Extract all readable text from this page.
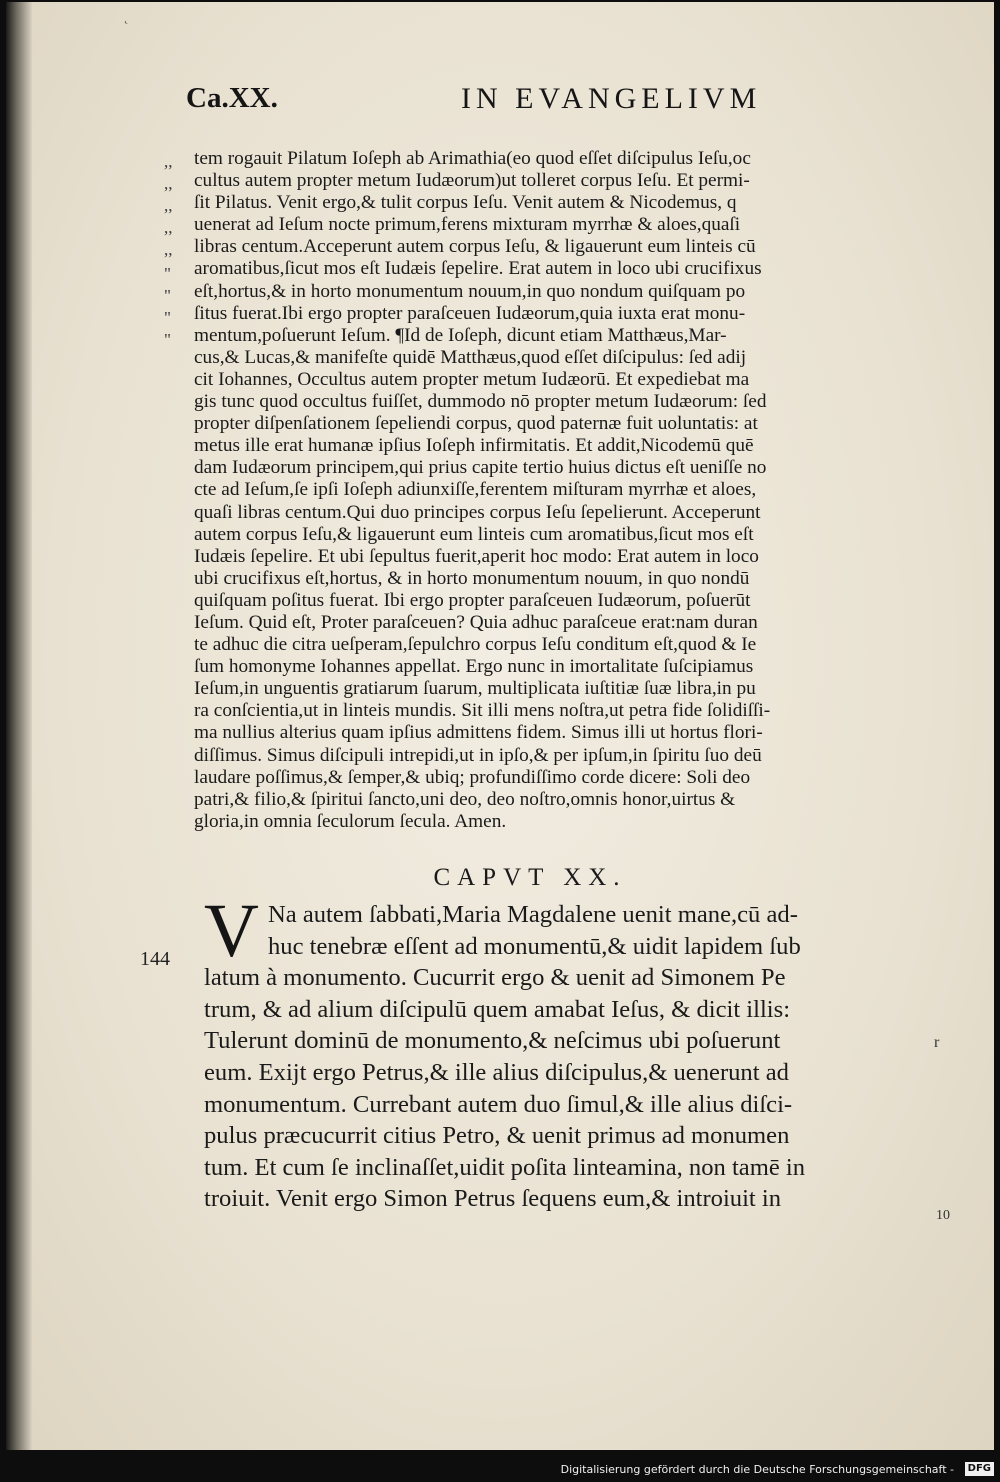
˛
Ca.XX.	IN EVANGELIVM
,,
,,
,,
,,
,,
"
"
"
"
tem rogauit Pilatum Ioſeph ab Arimathia(eo quod eſſet diſcipulus Ieſu,oc
cultus autem propter metum Iudæorum)ut tolleret corpus Ieſu. Et permi-
ſit Pilatus. Venit ergo,& tulit corpus Ieſu. Venit autem & Nicodemus, q
uenerat ad Ieſum nocte primum,ferens mixturam myrrhæ & aloes,quaſi
libras centum.Acceperunt autem corpus Ieſu, & ligauerunt eum linteis cū
aromatibus,ſicut mos eſt Iudæis ſepelire. Erat autem in loco ubi crucifixus
eſt,hortus,& in horto monumentum nouum,in quo nondum quiſquam po
ſitus fuerat.Ibi ergo propter paraſceuen Iudæorum,quia iuxta erat monu-
mentum,poſuerunt Ieſum. ¶Id de Ioſeph, dicunt etiam Matthæus,Mar-
cus,& Lucas,& manifeſte quidē Matthæus,quod eſſet diſcipulus: ſed adij
cit Iohannes, Occultus autem propter metum Iudæorū. Et expediebat ma
gis tunc quod occultus fuiſſet, dummodo nō propter metum Iudæorum: ſed
propter diſpenſationem ſepeliendi corpus, quod paternæ fuit uoluntatis: at
metus ille erat humanæ ipſius Ioſeph infirmitatis. Et addit,Nicodemū quē
dam Iudæorum principem,qui prius capite tertio huius dictus eſt ueniſſe no
cte ad Ieſum,ſe ipſi Ioſeph adiunxiſſe,ferentem miſturam myrrhæ et aloes,
quaſi libras centum.Qui duo principes corpus Ieſu ſepelierunt. Acceperunt
autem corpus Ieſu,& ligauerunt eum linteis cum aromatibus,ſicut mos eſt
Iudæis ſepelire. Et ubi ſepultus fuerit,aperit hoc modo: Erat autem in loco
ubi crucifixus eſt,hortus, & in horto monumentum nouum, in quo nondū
quiſquam poſitus fuerat. Ibi ergo propter paraſceuen Iudæorum, poſuerūt
Ieſum. Quid eſt, Proter paraſceuen? Quia adhuc paraſceue erat:nam duran
te adhuc die citra ueſperam,ſepulchro corpus Ieſu conditum eſt,quod & Ie
ſum homonyme Iohannes appellat. Ergo nunc in imortalitate ſuſcipiamus
Ieſum,in unguentis gratiarum ſuarum, multiplicata iuſtitiæ ſuæ libra,in pu
ra conſcientia,ut in linteis mundis. Sit illi mens noſtra,ut petra fide ſolidiſſi-
ma nullius alterius quam ipſius admittens fidem. Simus illi ut hortus flori-
diſſimus. Simus diſcipuli intrepidi,ut in ipſo,& per ipſum,in ſpiritu ſuo deū
laudare poſſimus,& ſemper,& ubiq; profundiſſimo corde dicere: Soli deo
patri,& filio,& ſpiritui ſancto,uni deo, deo noſtro,omnis honor,uirtus &
gloria,in omnia ſeculorum ſecula. Amen.
CAPVT XX.
144 V Na autem ſabbati,Maria Magdalene uenit mane,cū ad-
huc tenebræ eſſent ad monumentū,& uidit lapidem ſub
latum à monumento. Cucurrit ergo & uenit ad Simonem Pe
trum, & ad alium diſcipulū quem amabat Ieſus, & dicit illis:
Tulerunt dominū de monumento,& neſcimus ubi poſuerunt
eum. Exijt ergo Petrus,& ille alius diſcipulus,& uenerunt ad
monumentum. Currebant autem duo ſimul,& ille alius diſci-
pulus præcucurrit citius Petro, & uenit primus ad monumen
tum. Et cum ſe inclinaſſet,uidit poſita linteamina, non tamē in
troiuit. Venit ergo Simon Petrus ſequens eum,& introiuit in
r
10
Digitalisierung gefördert durch die Deutsche Forschungsgemeinschaft -	DFG
